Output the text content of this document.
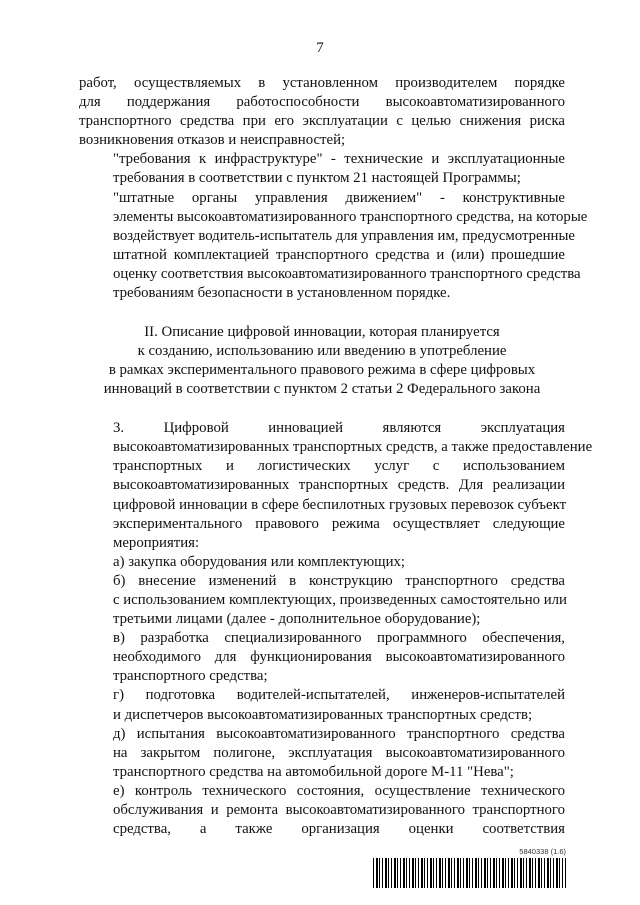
7
работ, осуществляемых в установленном производителем порядке
для поддержания работоспособности высокоавтоматизированного
транспортного средства при его эксплуатации с целью снижения риска
возникновения отказов и неисправностей;
"требования к инфраструктуре" - технические и эксплуатационные
требования в соответствии с пунктом 21 настоящей Программы;
"штатные органы управления движением" - конструктивные
элементы высокоавтоматизированного транспортного средства, на которые
воздействует водитель-испытатель для управления им, предусмотренные
штатной комплектацией транспортного средства и (или) прошедшие
оценку соответствия высокоавтоматизированного транспортного средства
требованиям безопасности в установленном порядке.
II. Описание цифровой инновации, которая планируется
к созданию, использованию или введению в употребление
в рамках экспериментального правового режима в сфере цифровых
инноваций в соответствии с пунктом 2 статьи 2 Федерального закона
3. Цифровой инновацией являются эксплуатация
высокоавтоматизированных транспортных средств, а также предоставление
транспортных и логистических услуг с использованием
высокоавтоматизированных транспортных средств. Для реализации
цифровой инновации в сфере беспилотных грузовых перевозок субъект
экспериментального правового режима осуществляет следующие
мероприятия:
а) закупка оборудования или комплектующих;
б) внесение изменений в конструкцию транспортного средства
с использованием комплектующих, произведенных самостоятельно или
третьими лицами (далее - дополнительное оборудование);
в) разработка специализированного программного обеспечения,
необходимого для функционирования высокоавтоматизированного
транспортного средства;
г) подготовка водителей-испытателей, инженеров-испытателей
и диспетчеров высокоавтоматизированных транспортных средств;
д) испытания высокоавтоматизированного транспортного средства
на закрытом полигоне, эксплуатация высокоавтоматизированного
транспортного средства на автомобильной дороге М-11 "Нева";
е) контроль технического состояния, осуществление технического
обслуживания и ремонта высокоавтоматизированного транспортного
средства, а также организация оценки соответствия
5840338 (1.6)
